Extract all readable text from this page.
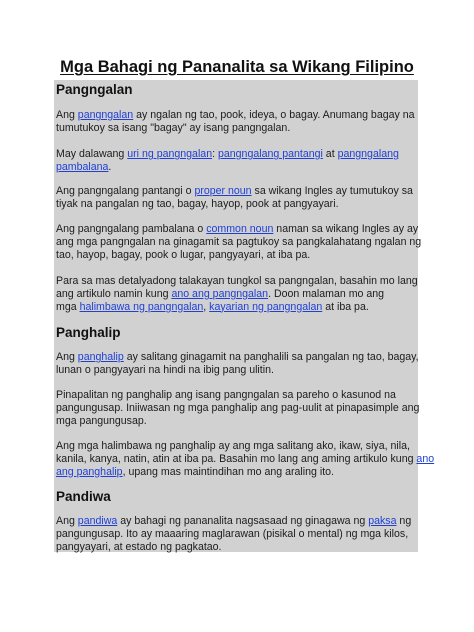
Mga Bahagi ng Pananalita sa Wikang Filipino
Pangngalan
Ang pangngalan ay ngalan ng tao, pook, ideya, o bagay. Anumang bagay na
tumutukoy sa isang "bagay" ay isang pangngalan.
May dalawang uri ng pangngalan: pangngalang pantangi at pangngalang
pambalana.
Ang pangngalang pantangi o proper noun sa wikang Ingles ay tumutukoy sa
tiyak na pangalan ng tao, bagay, hayop, pook at pangyayari.
Ang pangngalang pambalana o common noun naman sa wikang Ingles ay ay
ang mga pangngalan na ginagamit sa pagtukoy sa pangkalahatang ngalan ng
tao, hayop, bagay, pook o lugar, pangyayari, at iba pa.
Para sa mas detalyadong talakayan tungkol sa pangngalan, basahin mo lang
ang artikulo namin kung ano ang pangngalan. Doon malaman mo ang
mga halimbawa ng pangngalan, kayarian ng pangngalan at iba pa.
Panghalip
Ang panghalip ay salitang ginagamit na panghalili sa pangalan ng tao, bagay,
lunan o pangyayari na hindi na ibig pang ulitin.
Pinapalitan ng panghalip ang isang pangngalan sa pareho o kasunod na
pangungusap. Iniiwasan ng mga panghalip ang pag-uulit at pinapasimple ang
mga pangungusap.
Ang mga halimbawa ng panghalip ay ang mga salitang ako, ikaw, siya, nila,
kanila, kanya, natin, atin at iba pa. Basahin mo lang ang aming artikulo kung ano
ang panghalip, upang mas maintindihan mo ang araling ito.
Pandiwa
Ang pandiwa ay bahagi ng pananalita nagsasaad ng ginagawa ng paksa ng
pangungusap. Ito ay maaaring maglarawan (pisikal o mental) ng mga kilos,
pangyayari, at estado ng pagkatao.
